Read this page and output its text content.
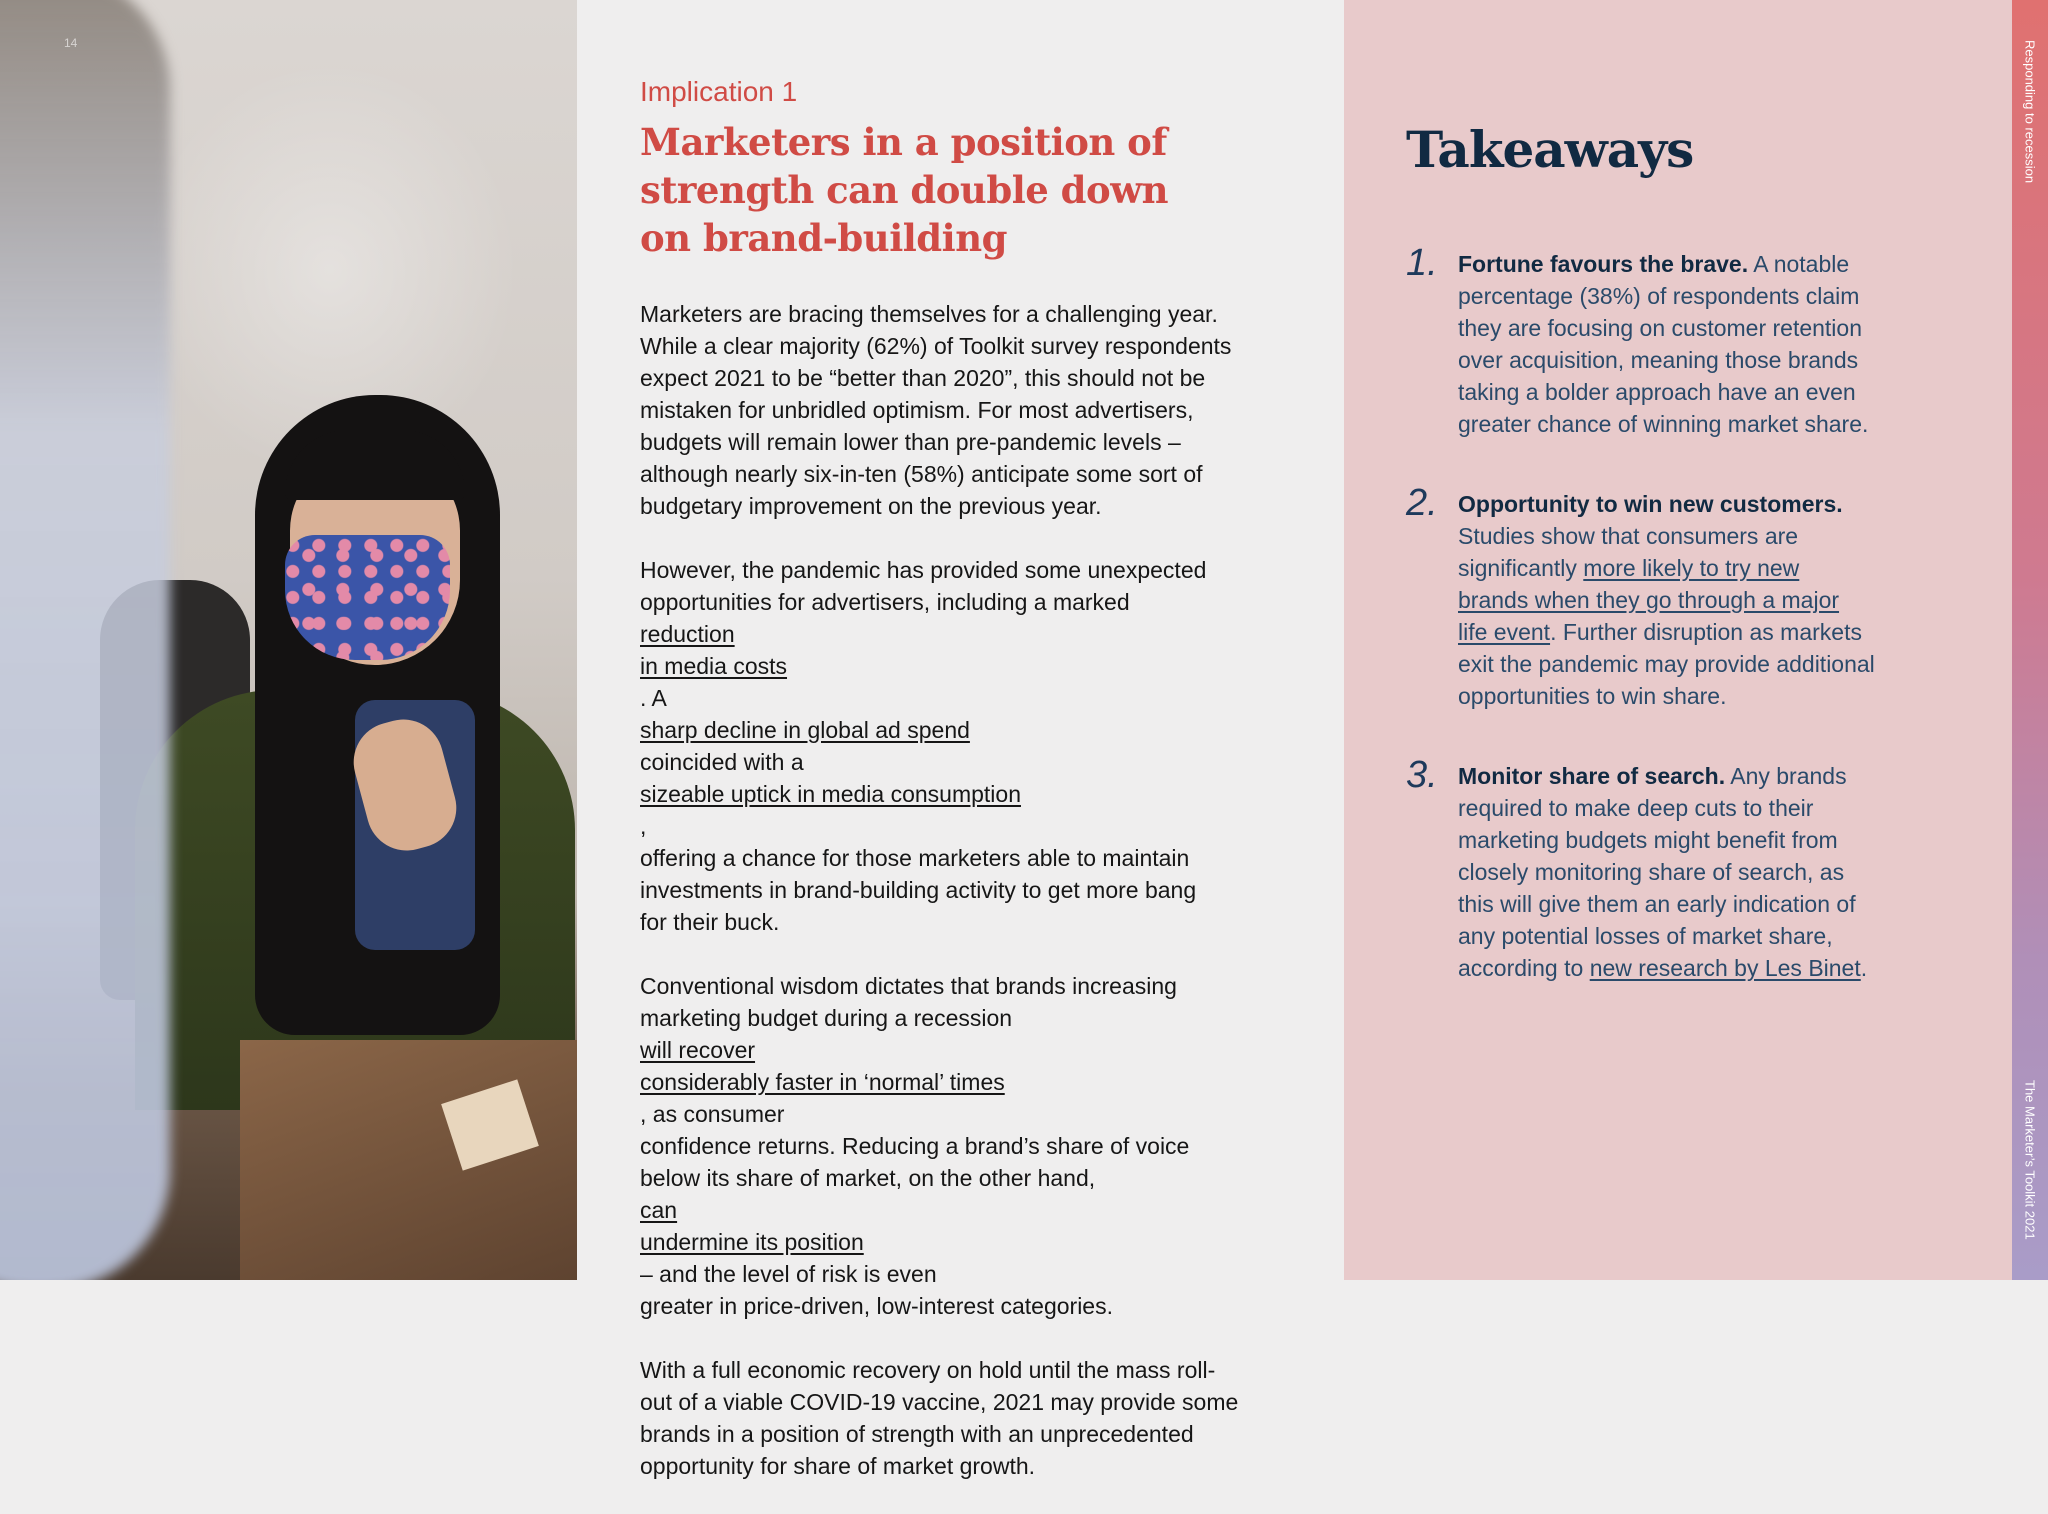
14
Implication 1
Marketers in a position of
strength can double down
on brand-building

Marketers are bracing themselves for a challenging year.
While a clear majority (62%) of Toolkit survey respondents
expect 2021 to be “better than 2020”, this should not be
mistaken for unbridled optimism. For most advertisers,
budgets will remain lower than pre-pandemic levels –
although nearly six-in-ten (58%) anticipate some sort of
budgetary improvement on the previous year.

However, the pandemic has provided some unexpected
opportunities for advertisers, including a marked
reduction
in media costs
. A
sharp decline in global ad spend
coincided with a
sizeable uptick in media consumption
,
offering a chance for those marketers able to maintain
investments in brand-building activity to get more bang
for their buck.

Conventional wisdom dictates that brands increasing
marketing budget during a recession
will recover
considerably faster in ‘normal’ times
, as consumer
confidence returns. Reducing a brand’s share of voice
below its share of market, on the other hand,
can
undermine its position
– and the level of risk is even
greater in price-driven, low-interest categories.

With a full economic recovery on hold until the mass roll-
out of a viable COVID-19 vaccine, 2021 may provide some
brands in a position of strength with an unprecedented
opportunity for share of market growth.

Takeaways
1. Fortune favours the brave. A notable
percentage (38%) of respondents claim
they are focusing on customer retention
over acquisition, meaning those brands
taking a bolder approach have an even
greater chance of winning market share.
2. Opportunity to win new customers.
Studies show that consumers are
significantly more likely to try new
brands when they go through a major
life event. Further disruption as markets
exit the pandemic may provide additional
opportunities to win share.
3. Monitor share of search. Any brands
required to make deep cuts to their
marketing budgets might benefit from
closely monitoring share of search, as
this will give them an early indication of
any potential losses of market share,
according to new research by Les Binet.
Responding to recession
The Marketer’s Toolkit 2021
